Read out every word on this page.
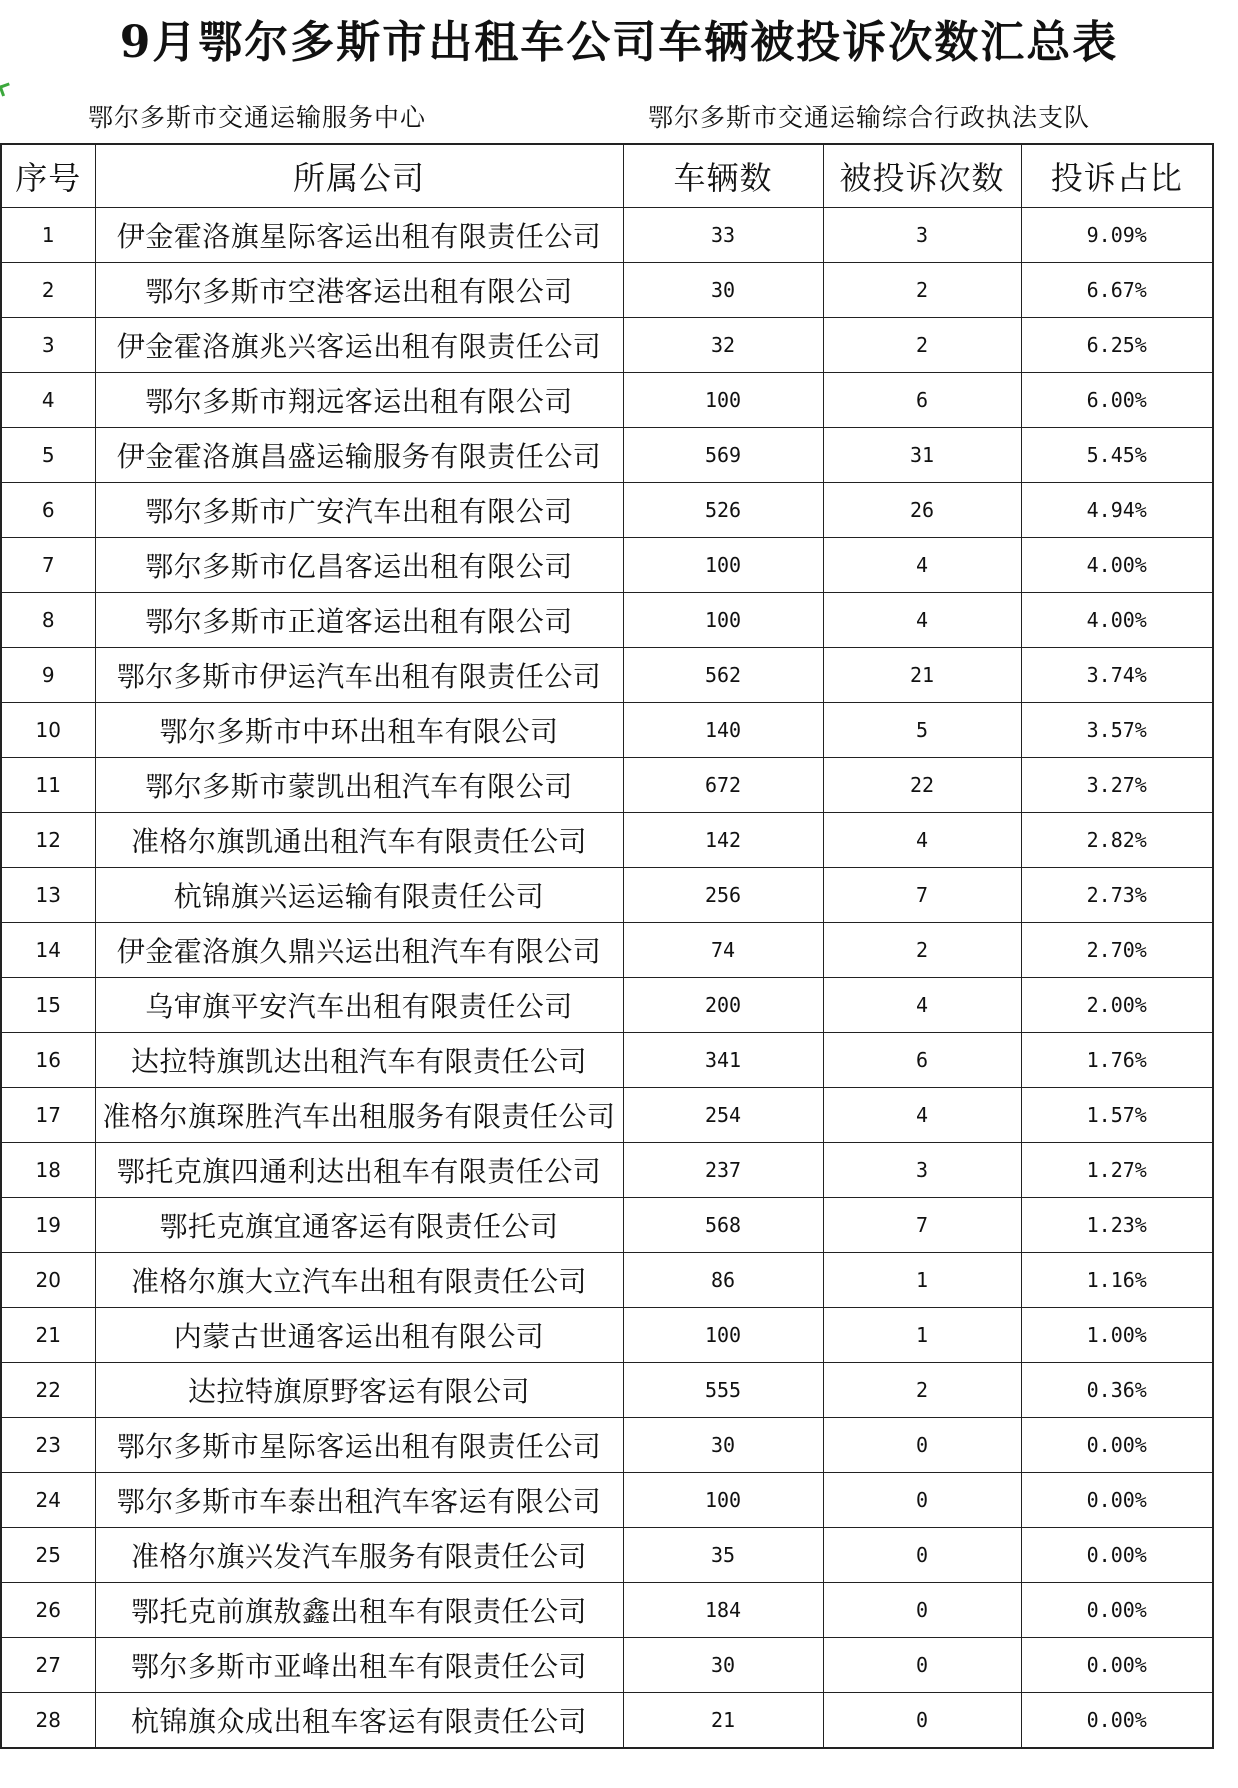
9月鄂尔多斯市出租车公司车辆被投诉次数汇总表
鄂尔多斯市交通运输服务中心	鄂尔多斯市交通运输综合行政执法支队
序号	所属公司	车辆数	被投诉次数	投诉占比
1	伊金霍洛旗星际客运出租有限责任公司	33	3	9.09%
2	鄂尔多斯市空港客运出租有限公司	30	2	6.67%
3	伊金霍洛旗兆兴客运出租有限责任公司	32	2	6.25%
4	鄂尔多斯市翔远客运出租有限公司	100	6	6.00%
5	伊金霍洛旗昌盛运输服务有限责任公司	569	31	5.45%
6	鄂尔多斯市广安汽车出租有限公司	526	26	4.94%
7	鄂尔多斯市亿昌客运出租有限公司	100	4	4.00%
8	鄂尔多斯市正道客运出租有限公司	100	4	4.00%
9	鄂尔多斯市伊运汽车出租有限责任公司	562	21	3.74%
10	鄂尔多斯市中环出租车有限公司	140	5	3.57%
11	鄂尔多斯市蒙凯出租汽车有限公司	672	22	3.27%
12	准格尔旗凯通出租汽车有限责任公司	142	4	2.82%
13	杭锦旗兴运运输有限责任公司	256	7	2.73%
14	伊金霍洛旗久鼎兴运出租汽车有限公司	74	2	2.70%
15	乌审旗平安汽车出租有限责任公司	200	4	2.00%
16	达拉特旗凯达出租汽车有限责任公司	341	6	1.76%
17	准格尔旗琛胜汽车出租服务有限责任公司	254	4	1.57%
18	鄂托克旗四通利达出租车有限责任公司	237	3	1.27%
19	鄂托克旗宜通客运有限责任公司	568	7	1.23%
20	准格尔旗大立汽车出租有限责任公司	86	1	1.16%
21	内蒙古世通客运出租有限公司	100	1	1.00%
22	达拉特旗原野客运有限公司	555	2	0.36%
23	鄂尔多斯市星际客运出租有限责任公司	30	0	0.00%
24	鄂尔多斯市车泰出租汽车客运有限公司	100	0	0.00%
25	准格尔旗兴发汽车服务有限责任公司	35	0	0.00%
26	鄂托克前旗敖鑫出租车有限责任公司	184	0	0.00%
27	鄂尔多斯市亚峰出租车有限责任公司	30	0	0.00%
28	杭锦旗众成出租车客运有限责任公司	21	0	0.00%
